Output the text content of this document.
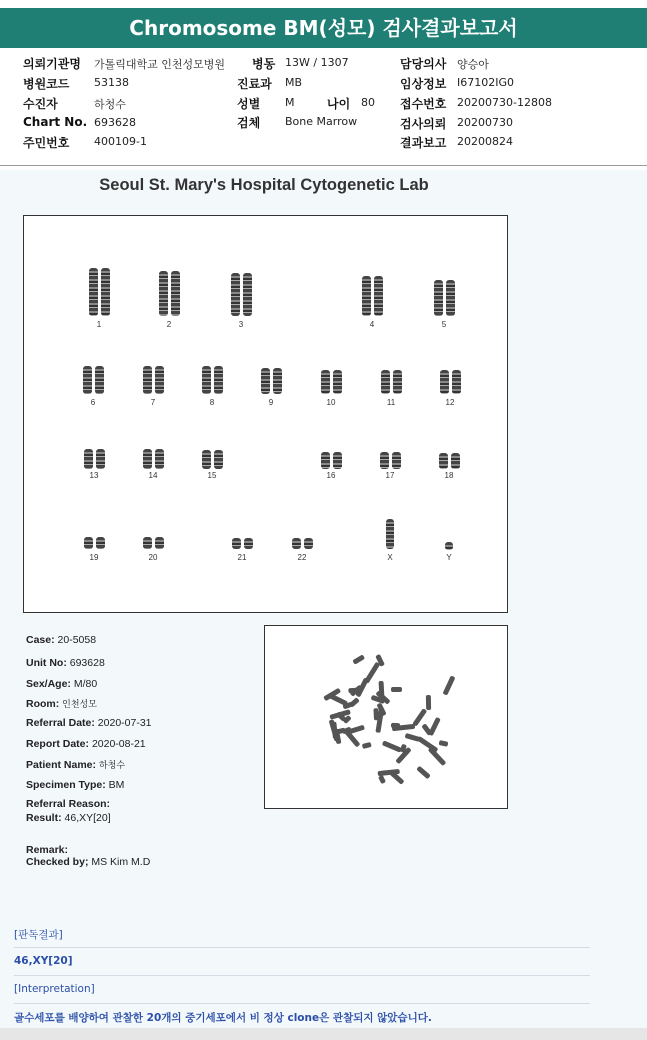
Chromosome BM(성모) 검사결과보고서
의뢰기관명 가톨릭대학교 인천성모병원 병동 13W / 1307	담당의사 양승아
병원코드 53138	진료과 MB	임상정보 I67102IG0
수진자	하청수	성별 M	나이 80 접수번호 20200730-12808
Chart No. 693628	검체 Bone Marrow	검사의뢰 20200730
주민번호 400109-1	결과보고 20200824
Seoul St. Mary's Hospital Cytogenetic Lab
1	2	3	4	5
6	7	8	9	10	11	12
13	14	15	16	17	18
19	20	21	22	X	Y
Case: 20-5058
Unit No: 693628
Sex/Age: M/80
Room: 인천성모
Referral Date: 2020-07-31
Report Date: 2020-08-21
Patient Name: 하청수
Specimen Type: BM
Referral Reason:
Result: 46,XY[20]
Remark:
Checked by; MS Kim M.D
[판독결과]
46,XY[20]
[Interpretation]
골수세포를 배양하여 관찰한 20개의 중기세포에서 비 정상 clone은 관찰되지 않았습니다.
